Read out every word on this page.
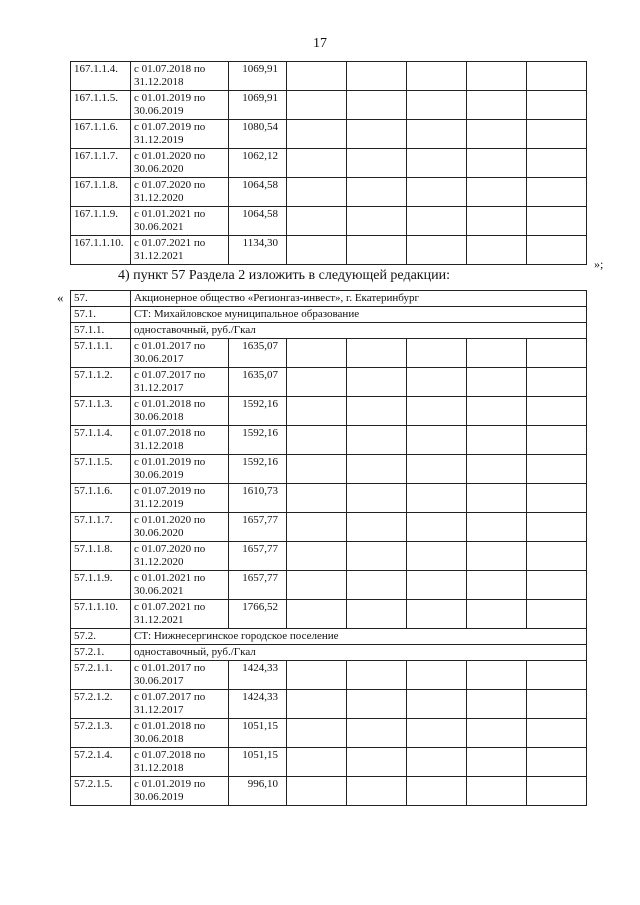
17
167.1.1.4.	с 01.07.2018 по
31.12.2018	1069,91					
167.1.1.5.	с 01.01.2019 по
30.06.2019	1069,91					
167.1.1.6.	с 01.07.2019 по
31.12.2019	1080,54					
167.1.1.7.	с 01.01.2020 по
30.06.2020	1062,12					
167.1.1.8.	с 01.07.2020 по
31.12.2020	1064,58					
167.1.1.9.	с 01.01.2021 по
30.06.2021	1064,58					
167.1.1.10.	с 01.07.2021 по
31.12.2021	1134,30					
»;
4) пункт 57 Раздела 2 изложить в следующей редакции:
« 57.	Акционерное общество «Регионгаз-инвест», г. Екатеринбург						
57.1.	СТ: Михайловское муниципальное образование						
57.1.1.	одноставочный, руб./Гкал						
57.1.1.1.	с 01.01.2017 по
30.06.2017	1635,07					
57.1.1.2.	с 01.07.2017 по
31.12.2017	1635,07					
57.1.1.3.	с 01.01.2018 по
30.06.2018	1592,16					
57.1.1.4.	с 01.07.2018 по
31.12.2018	1592,16					
57.1.1.5.	с 01.01.2019 по
30.06.2019	1592,16					
57.1.1.6.	с 01.07.2019 по
31.12.2019	1610,73					
57.1.1.7.	с 01.01.2020 по
30.06.2020	1657,77					
57.1.1.8.	с 01.07.2020 по
31.12.2020	1657,77					
57.1.1.9.	с 01.01.2021 по
30.06.2021	1657,77					
57.1.1.10.	с 01.07.2021 по
31.12.2021	1766,52					
57.2.	СТ: Нижнесергинское городское поселение						
57.2.1.	одноставочный, руб./Гкал						
57.2.1.1.	с 01.01.2017 по
30.06.2017	1424,33					
57.2.1.2.	с 01.07.2017 по
31.12.2017	1424,33					
57.2.1.3.	с 01.01.2018 по
30.06.2018	1051,15					
57.2.1.4.	с 01.07.2018 по
31.12.2018	1051,15					
57.2.1.5.	с 01.01.2019 по
30.06.2019	996,10					
